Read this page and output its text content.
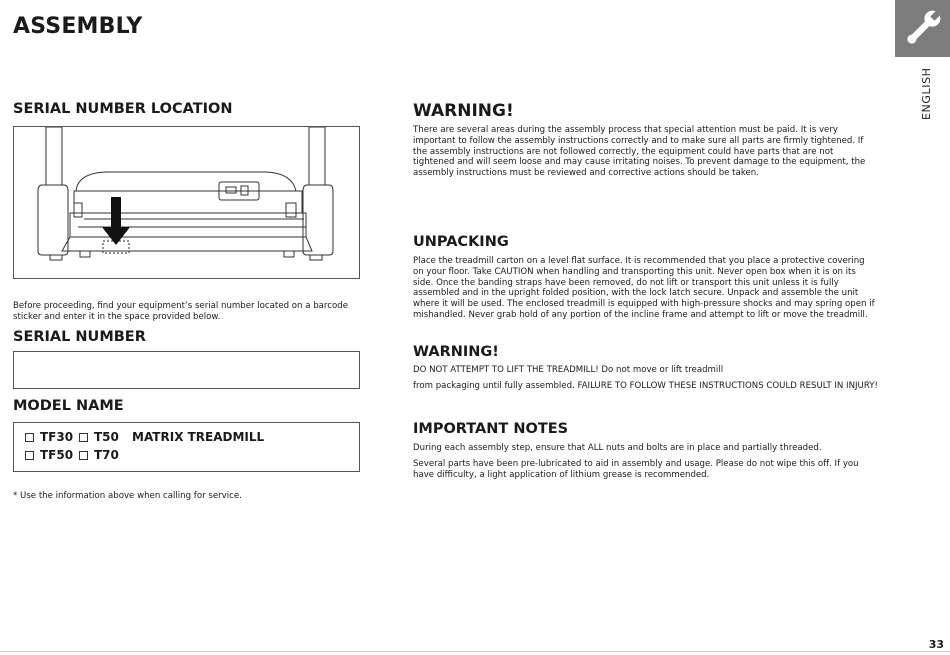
ASSEMBLY
ENGLISH
SERIAL NUMBER LOCATION

Before proceeding, find your equipment’s serial number located on a barcode sticker and enter it in the space provided below.

SERIAL NUMBER
MODEL NAME
TF30	T50 MATRIX TREADMILL
TF50	T70

* Use the information above when calling for service.

WARNING!

There are several areas during the assembly process that special attention must be paid. It is very important to follow the assembly instructions correctly and to make sure all parts are firmly tightened. If the assembly instructions are not followed correctly, the equipment could have parts that are not tightened and will seem loose and may cause irritating noises. To prevent damage to the equipment, the assembly instructions must be reviewed and corrective actions should be taken.

UNPACKING

Place the treadmill carton on a level flat surface. It is recommended that you place a protective covering on your floor. Take CAUTION when handling and transporting this unit. Never open box when it is on its side. Once the banding straps have been removed, do not lift or transport this unit unless it is fully assembled and in the upright folded position, with the lock latch secure. Unpack and assemble the unit where it will be used. The enclosed treadmill is equipped with high-pressure shocks and may spring open if mishandled. Never grab hold of any portion of the incline frame and attempt to lift or move the treadmill.

WARNING!

DO NOT ATTEMPT TO LIFT THE TREADMILL! Do not move or lift treadmill

from packaging until fully assembled. FAILURE TO FOLLOW THESE INSTRUCTIONS COULD RESULT IN INJURY!

IMPORTANT NOTES

During each assembly step, ensure that ALL nuts and bolts are in place and partially threaded.

Several parts have been pre-lubricated to aid in assembly and usage. Please do not wipe this off. If you have difficulty, a light application of lithium grease is recommended.

33
